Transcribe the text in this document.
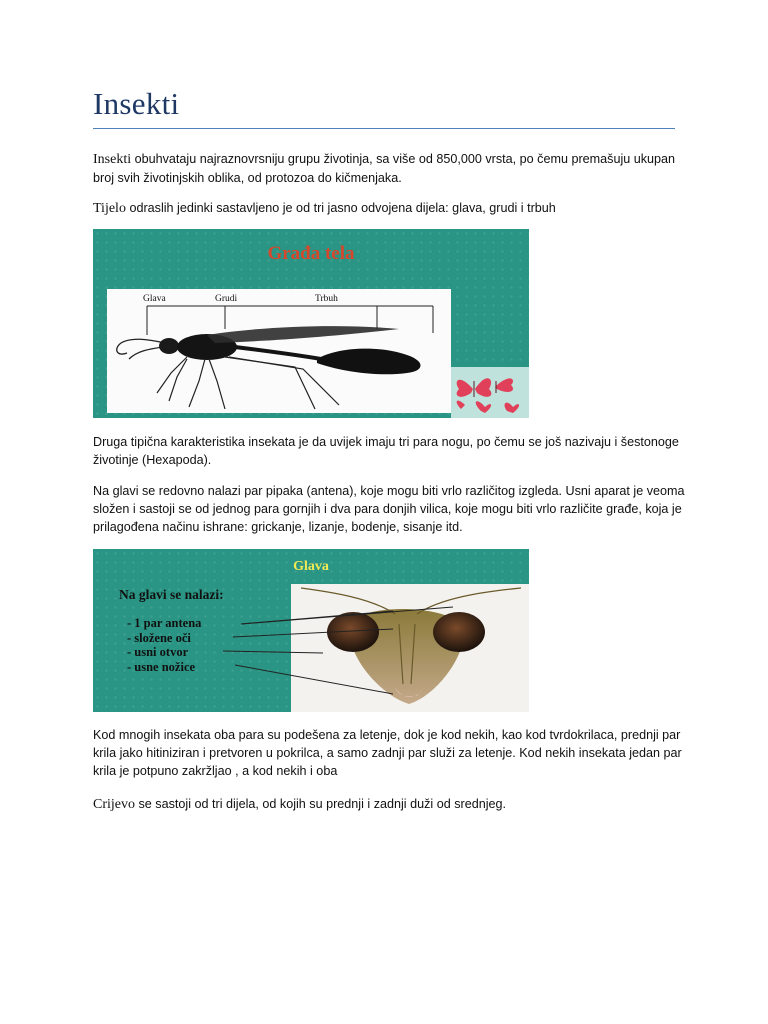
Insekti
Insekti obuhvataju najraznovrsniju grupu životinja, sa više od 850,000 vrsta, po čemu premašuju ukupan broj svih životinjskih oblika, od protozoa do kičmenjaka.
Tijelo odraslih jedinki sastavljeno je od tri jasno odvojena dijela: glava, grudi i trbuh
Građa tela
Glava	Grudi	Trbuh
Druga tipična karakteristika insekata je da uvijek imaju tri para nogu, po čemu se još nazivaju i šestonoge životinje (Hexapoda).
Na glavi se redovno nalazi par pipaka (antena), koje mogu biti vrlo različitog izgleda. Usni aparat je veoma složen i sastoji se od jednog para gornjih i dva para donjih vilica, koje mogu biti vrlo različite građe, koja je prilagođena načinu ishrane: grickanje, lizanje, bodenje, sisanje itd.
Glava
Na glavi se nalazi:
- 1 par antena
- složene oči
- usni otvor
- usne nožice
Kod mnogih insekata oba para su podešena za letenje, dok je kod nekih, kao kod tvrdokrilaca, prednji par krila jako hitiniziran i pretvoren u pokrilca, a samo zadnji par služi za letenje. Kod nekih insekata jedan par krila je potpuno zakržljao , a kod nekih i oba
Crijevo se sastoji od tri dijela, od kojih su prednji i zadnji duži od srednjeg.
